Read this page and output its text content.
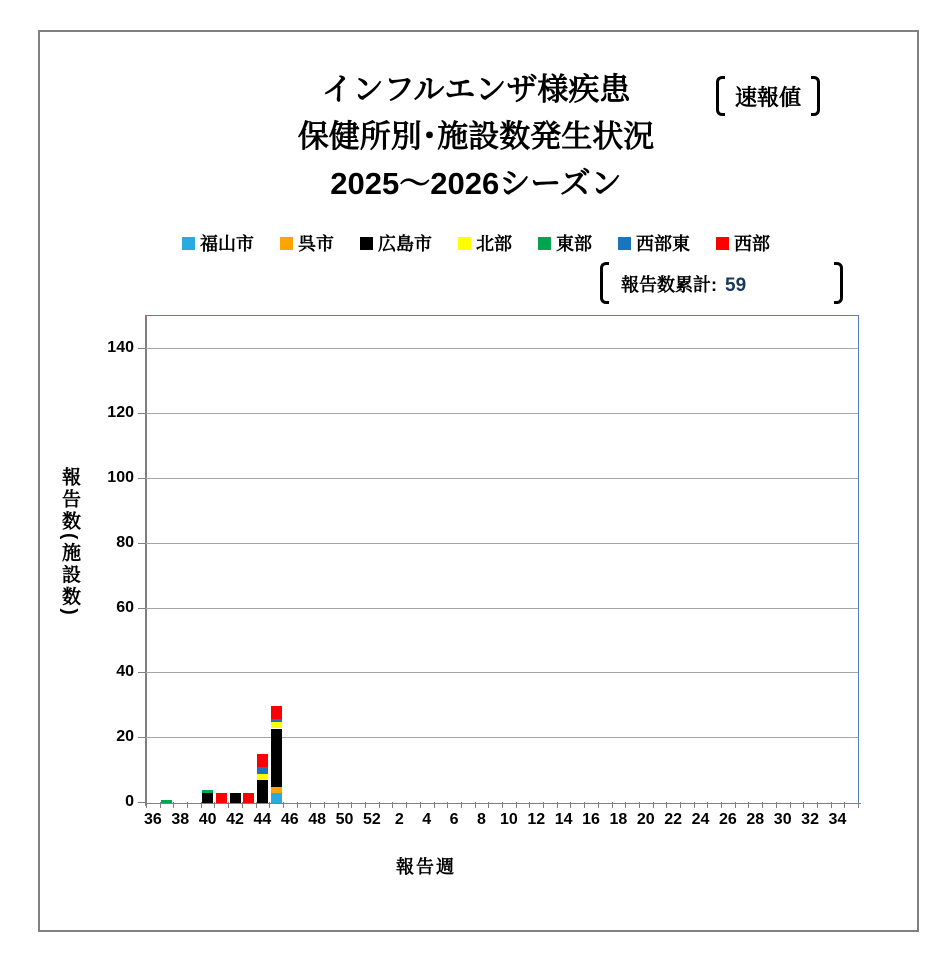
インフルエンザ様疾患
保健所別･施設数発生状況
2025～2026シーズン
速報値
福山市 呉市 広島市 北部 東部 西部東 西部
報告数累計: 59
報告数(施設数)
報告週
0
20
40
60
80
100
120
140
36 38 40 42 44 46 48 50 52 2 4 6 8 10 12 14 16 18 20 22 24 26 28 30 32 34
